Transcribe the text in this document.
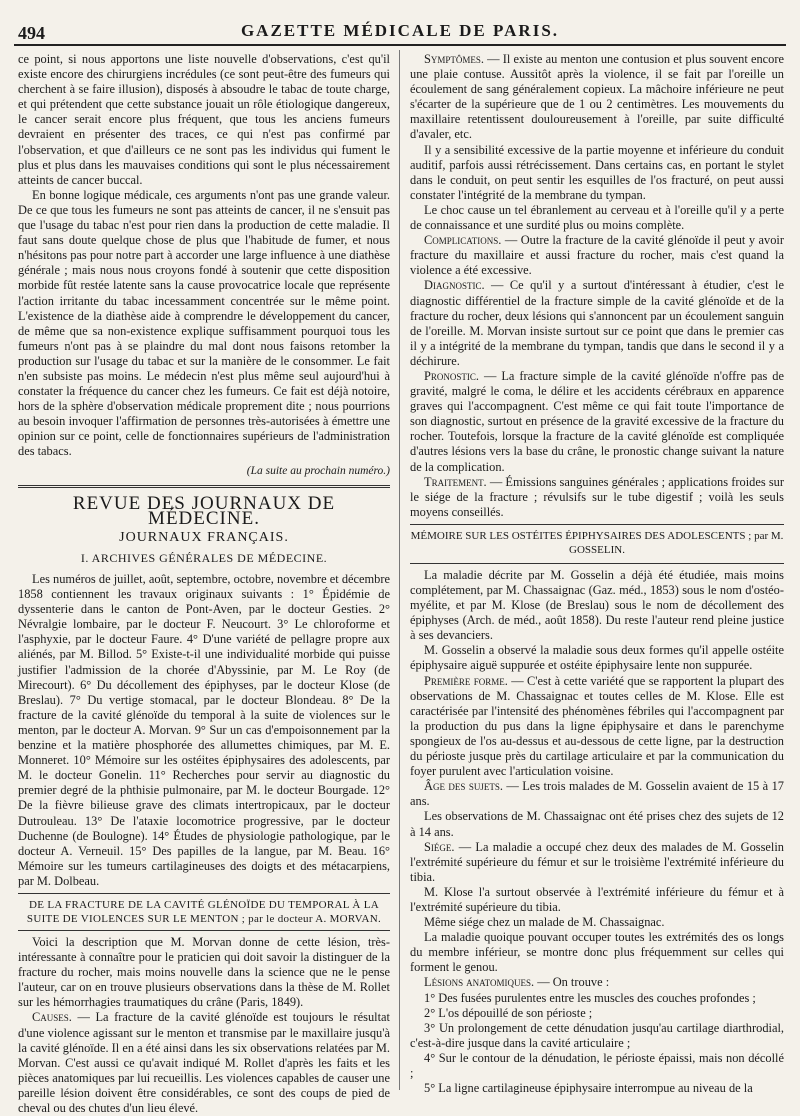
494	GAZETTE MÉDICALE DE PARIS.

ce point, si nous apportons une liste nouvelle d'observations, c'est qu'il existe encore des chirurgiens incrédules (ce sont peut-être des fumeurs qui cherchent à se faire illusion), disposés à absoudre le tabac de toute charge, et qui prétendent que cette substance jouait un rôle étiologique dangereux, le cancer serait encore plus fréquent, que tous les anciens fumeurs devraient en présenter des traces, ce qui n'est pas confirmé par l'observation, et que d'ailleurs ce ne sont pas les individus qui fument le plus et plus dans les mauvaises conditions qui sont le plus nécessairement atteints de cancer buccal.

En bonne logique médicale, ces arguments n'ont pas une grande valeur. De ce que tous les fumeurs ne sont pas atteints de cancer, il ne s'ensuit pas que l'usage du tabac n'est pour rien dans la production de cette maladie. Il faut sans doute quelque chose de plus que l'habitude de fumer, et nous n'hésitons pas pour notre part à accorder une large influence à une diathèse générale ; mais nous nous croyons fondé à soutenir que cette disposition morbide fût restée latente sans la cause provocatrice locale que représente l'action irritante du tabac incessamment concentrée sur le même point. L'existence de la diathèse aide à comprendre le développement du cancer, de même que sa non-existence explique suffisamment pourquoi tous les fumeurs n'ont pas à se plaindre du mal dont nous faisons retomber la production sur l'usage du tabac et sur la manière de le consommer. Le fait n'en subsiste pas moins. Le médecin n'est plus même seul aujourd'hui à constater la fréquence du cancer chez les fumeurs. Ce fait est déjà notoire, hors de la sphère d'observation médicale proprement dite ; nous pourrions au besoin invoquer l'affirmation de personnes très-autorisées à émettre une opinion sur ce point, celle de fonctionnaires supérieurs de l'administration des tabacs.

(La suite au prochain numéro.)
REVUE DES JOURNAUX DE MÉDECINE.
JOURNAUX FRANÇAIS.
I. ARCHIVES GÉNÉRALES DE MÉDECINE.

Les numéros de juillet, août, septembre, octobre, novembre et décembre 1858 contiennent les travaux originaux suivants : 1° Épidémie de dyssenterie dans le canton de Pont-Aven, par le docteur Gesties. 2° Névralgie lombaire, par le docteur F. Neucourt. 3° Le chloroforme et l'asphyxie, par le docteur Faure. 4° D'une variété de pellagre propre aux aliénés, par M. Billod. 5° Existe-t-il une individualité morbide qui puisse justifier l'admission de la chorée d'Abyssinie, par M. Le Roy (de Mirecourt). 6° Du décollement des épiphyses, par le docteur Klose (de Breslau). 7° Du vertige stomacal, par le docteur Blondeau. 8° De la fracture de la cavité glénoïde du temporal à la suite de violences sur le menton, par le docteur A. Morvan. 9° Sur un cas d'empoisonnement par la benzine et la matière phosphorée des allumettes chimiques, par M. E. Monneret. 10° Mémoire sur les ostéites épiphysaires des adolescents, par M. le docteur Gonelin. 11° Recherches pour servir au diagnostic du premier degré de la phthisie pulmonaire, par M. le docteur Bourgade. 12° De la fièvre bilieuse grave des climats intertropicaux, par le docteur Dutrouleau. 13° De l'ataxie locomotrice progressive, par le docteur Duchenne (de Boulogne). 14° Études de physiologie pathologique, par le docteur A. Verneuil. 15° Des papilles de la langue, par M. Beau. 16° Mémoire sur les tumeurs cartilagineuses des doigts et des métacarpiens, par M. Dolbeau.

DE LA FRACTURE DE LA CAVITÉ GLÉNOÏDE DU TEMPORAL À LA SUITE DE VIOLENCES SUR LE MENTON ; par le docteur A. MORVAN.

Voici la description que M. Morvan donne de cette lésion, très-intéressante à connaître pour le praticien qui doit savoir la distinguer de la fracture du rocher, mais moins nouvelle dans la science que ne le pense l'auteur, car on en trouve plusieurs observations dans la thèse de M. Rollet sur les hémorrhagies traumatiques du crâne (Paris, 1849).

Causes. — La fracture de la cavité glénoïde est toujours le résultat d'une violence agissant sur le menton et transmise par le maxillaire jusqu'à la cavité glénoïde. Il en a été ainsi dans les six observations relatées par M. Morvan. C'est aussi ce qu'avait indiqué M. Rollet d'après les faits et les pièces anatomiques par lui recueillis. Les violences capables de causer une pareille lésion doivent être considérables, ce sont des coups de pied de cheval ou des chutes d'un lieu élevé.

Symptômes. — Il existe au menton une contusion et plus souvent encore une plaie contuse. Aussitôt après la violence, il se fait par l'oreille un écoulement de sang généralement copieux. La mâchoire inférieure ne peut s'écarter de la supérieure que de 1 ou 2 centimètres. Les mouvements du maxillaire retentissent douloureusement à l'oreille, par suite difficulté d'avaler, etc.

Il y a sensibilité excessive de la partie moyenne et inférieure du conduit auditif, parfois aussi rétrécissement. Dans certains cas, en portant le stylet dans le conduit, on peut sentir les esquilles de l'os fracturé, on peut aussi constater l'intégrité de la membrane du tympan.

Le choc cause un tel ébranlement au cerveau et à l'oreille qu'il y a perte de connaissance et une surdité plus ou moins complète.

Complications. — Outre la fracture de la cavité glénoïde il peut y avoir fracture du maxillaire et aussi fracture du rocher, mais c'est quand la violence a été excessive.

Diagnostic. — Ce qu'il y a surtout d'intéressant à étudier, c'est le diagnostic différentiel de la fracture simple de la cavité glénoïde et de la fracture du rocher, deux lésions qui s'annoncent par un écoulement sanguin de l'oreille. M. Morvan insiste surtout sur ce point que dans le premier cas il y a intégrité de la membrane du tympan, tandis que dans le second il y a déchirure.

Pronostic. — La fracture simple de la cavité glénoïde n'offre pas de gravité, malgré le coma, le délire et les accidents cérébraux en apparence graves qui l'accompagnent. C'est même ce qui fait toute l'importance de son diagnostic, surtout en présence de la gravité excessive de la fracture du rocher. Toutefois, lorsque la fracture de la cavité glénoïde est compliquée d'autres lésions vers la base du crâne, le pronostic change suivant la nature de la complication.

Traitement. — Émissions sanguines générales ; applications froides sur le siége de la fracture ; révulsifs sur le tube digestif ; voilà les seuls moyens conseillés.

MÉMOIRE SUR LES OSTÉITES ÉPIPHYSAIRES DES ADOLESCENTS ; par M. GOSSELIN.

La maladie décrite par M. Gosselin a déjà été étudiée, mais moins complétement, par M. Chassaignac (Gaz. méd., 1853) sous le nom d'ostéo-myélite, et par M. Klose (de Breslau) sous le nom de décollement des épiphyses (Arch. de méd., août 1858). Du reste l'auteur rend pleine justice à ses devanciers.

M. Gosselin a observé la maladie sous deux formes qu'il appelle ostéite épiphysaire aiguë suppurée et ostéite épiphysaire lente non suppurée.

Première forme. — C'est à cette variété que se rapportent la plupart des observations de M. Chassaignac et toutes celles de M. Klose. Elle est caractérisée par l'intensité des phénomènes fébriles qui l'accompagnent par la production du pus dans la ligne épiphysaire et dans le parenchyme spongieux de l'os au-dessus et au-dessous de cette ligne, par la destruction du périoste jusque près du cartilage articulaire et par la communication du foyer purulent avec l'articulation voisine.

Âge des sujets. — Les trois malades de M. Gosselin avaient de 15 à 17 ans.

Les observations de M. Chassaignac ont été prises chez des sujets de 12 à 14 ans.

Siége. — La maladie a occupé chez deux des malades de M. Gosselin l'extrémité supérieure du fémur et sur le troisième l'extrémité inférieure du tibia.

M. Klose l'a surtout observée à l'extrémité inférieure du fémur et à l'extrémité supérieure du tibia.

Même siége chez un malade de M. Chassaignac.

La maladie quoique pouvant occuper toutes les extrémités des os longs du membre inférieur, se montre donc plus fréquemment sur celles qui forment le genou.

Lésions anatomiques. — On trouve :

1° Des fusées purulentes entre les muscles des couches profondes ;

2° L'os dépouillé de son périoste ;

3° Un prolongement de cette dénudation jusqu'au cartilage diarthrodial, c'est-à-dire jusque dans la cavité articulaire ;

4° Sur le contour de la dénudation, le périoste épaissi, mais non décollé ;

5° La ligne cartilagineuse épiphysaire interrompue au niveau de la
